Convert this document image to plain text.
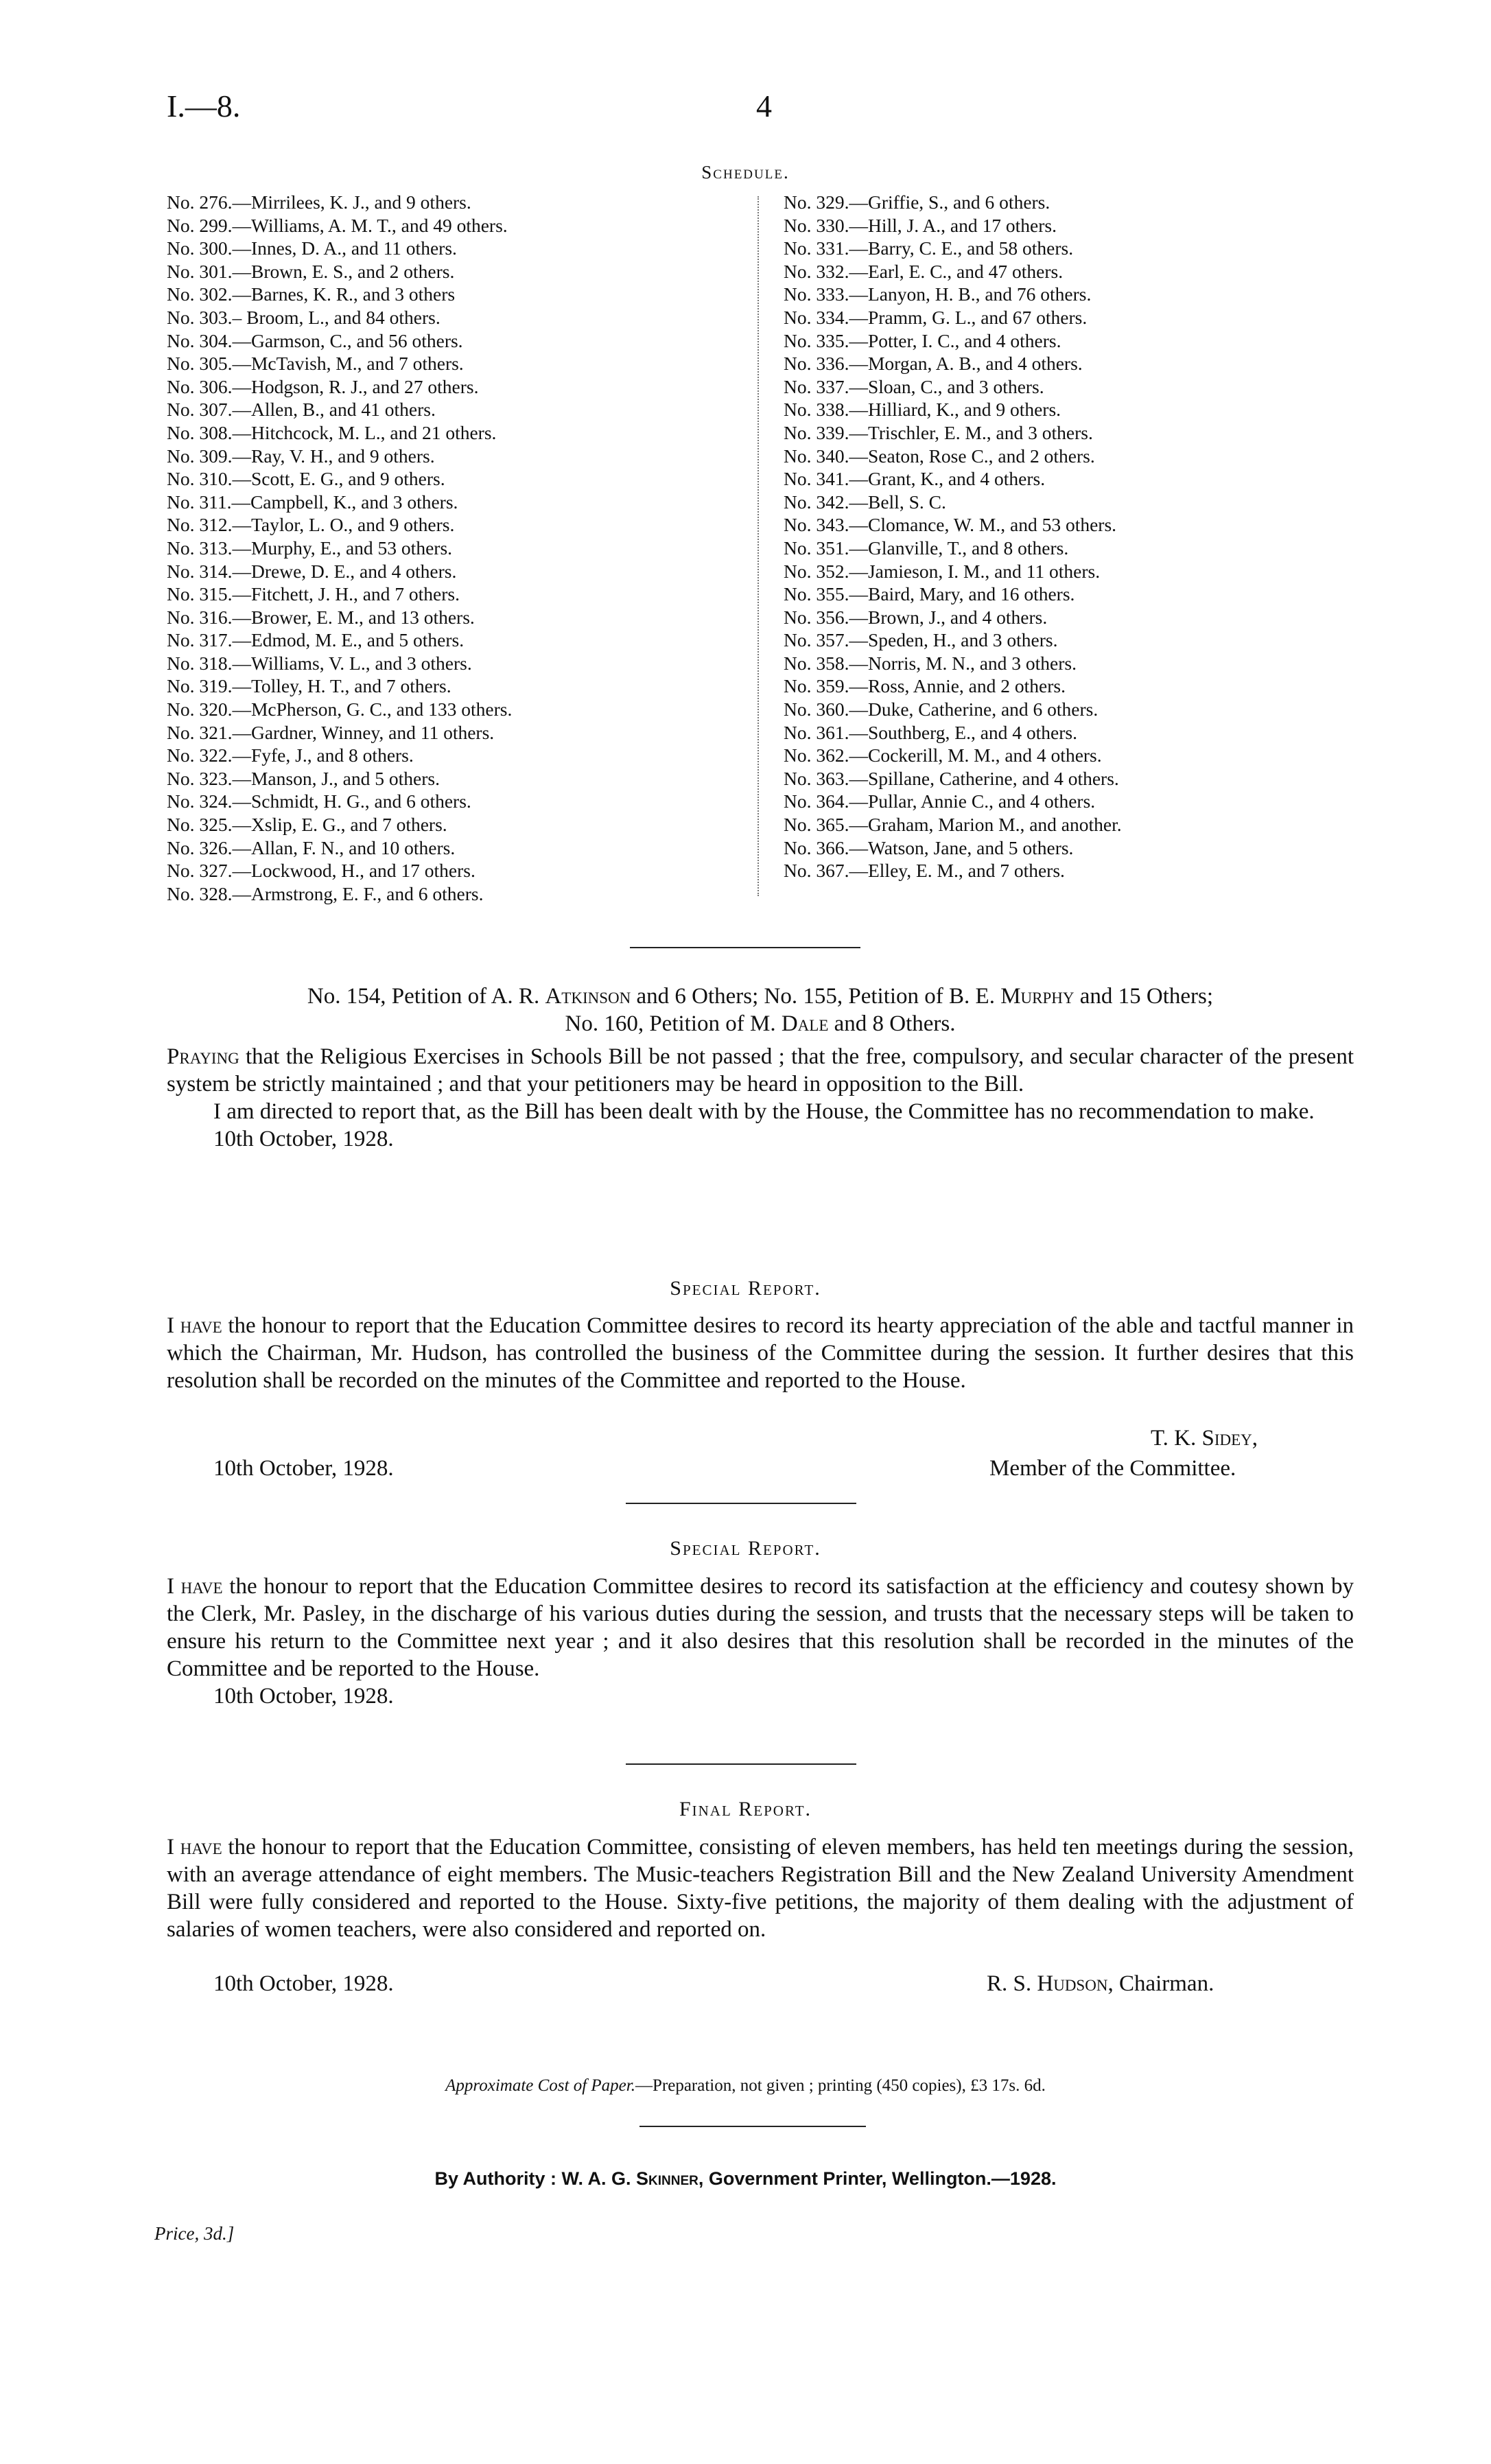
I.—8.	4
Schedule.
No. 276.—Mirrilees, K. J., and 9 others.
No. 299.—Williams, A. M. T., and 49 others.
No. 300.—Innes, D. A., and 11 others.
No. 301.—Brown, E. S., and 2 others.
No. 302.—Barnes, K. R., and 3 others
No. 303.– Broom, L., and 84 others.
No. 304.—Garmson, C., and 56 others.
No. 305.—McTavish, M., and 7 others.
No. 306.—Hodgson, R. J., and 27 others.
No. 307.—Allen, B., and 41 others.
No. 308.—Hitchcock, M. L., and 21 others.
No. 309.—Ray, V. H., and 9 others.
No. 310.—Scott, E. G., and 9 others.
No. 311.—Campbell, K., and 3 others.
No. 312.—Taylor, L. O., and 9 others.
No. 313.—Murphy, E., and 53 others.
No. 314.—Drewe, D. E., and 4 others.
No. 315.—Fitchett, J. H., and 7 others.
No. 316.—Brower, E. M., and 13 others.
No. 317.—Edmod, M. E., and 5 others.
No. 318.—Williams, V. L., and 3 others.
No. 319.—Tolley, H. T., and 7 others.
No. 320.—McPherson, G. C., and 133 others.
No. 321.—Gardner, Winney, and 11 others.
No. 322.—Fyfe, J., and 8 others.
No. 323.—Manson, J., and 5 others.
No. 324.—Schmidt, H. G., and 6 others.
No. 325.—Xslip, E. G., and 7 others.
No. 326.—Allan, F. N., and 10 others.
No. 327.—Lockwood, H., and 17 others.
No. 328.—Armstrong, E. F., and 6 others.
No. 329.—Griffie, S., and 6 others.
No. 330.—Hill, J. A., and 17 others.
No. 331.—Barry, C. E., and 58 others.
No. 332.—Earl, E. C., and 47 others.
No. 333.—Lanyon, H. B., and 76 others.
No. 334.—Pramm, G. L., and 67 others.
No. 335.—Potter, I. C., and 4 others.
No. 336.—Morgan, A. B., and 4 others.
No. 337.—Sloan, C., and 3 others.
No. 338.—Hilliard, K., and 9 others.
No. 339.—Trischler, E. M., and 3 others.
No. 340.—Seaton, Rose C., and 2 others.
No. 341.—Grant, K., and 4 others.
No. 342.—Bell, S. C.
No. 343.—Clomance, W. M., and 53 others.
No. 351.—Glanville, T., and 8 others.
No. 352.—Jamieson, I. M., and 11 others.
No. 355.—Baird, Mary, and 16 others.
No. 356.—Brown, J., and 4 others.
No. 357.—Speden, H., and 3 others.
No. 358.—Norris, M. N., and 3 others.
No. 359.—Ross, Annie, and 2 others.
No. 360.—Duke, Catherine, and 6 others.
No. 361.—Southberg, E., and 4 others.
No. 362.—Cockerill, M. M., and 4 others.
No. 363.—Spillane, Catherine, and 4 others.
No. 364.—Pullar, Annie C., and 4 others.
No. 365.—Graham, Marion M., and another.
No. 366.—Watson, Jane, and 5 others.
No. 367.—Elley, E. M., and 7 others.

No. 154, Petition of A. R. Atkinson and 6 Others; No. 155, Petition of B. E. Murphy and 15 Others;

No. 160, Petition of M. Dale and 8 Others.

Praying that the Religious Exercises in Schools Bill be not passed ; that the free, compulsory, and secular character of the present system be strictly maintained ; and that your petitioners may be heard in opposition to the Bill.

I am directed to report that, as the Bill has been dealt with by the House, the Committee has no recommendation to make.

10th October, 1928.

Special Report.

I have the honour to report that the Education Committee desires to record its hearty appreciation of the able and tactful manner in which the Chairman, Mr. Hudson, has controlled the business of the Committee during the session. It further desires that this resolution shall be recorded on the minutes of the Committee and reported to the House.

T. K. Sidey,
10th October, 1928.	Member of the Committee.
Special Report.

I have the honour to report that the Education Committee desires to record its satisfaction at the efficiency and coutesy shown by the Clerk, Mr. Pasley, in the discharge of his various duties during the session, and trusts that the necessary steps will be taken to ensure his return to the Committee next year ; and it also desires that this resolution shall be recorded in the minutes of the Committee and be reported to the House.

10th October, 1928.

Final Report.

I have the honour to report that the Education Committee, consisting of eleven members, has held ten meetings during the session, with an average attendance of eight members. The Music-teachers Registration Bill and the New Zealand University Amendment Bill were fully considered and reported to the House. Sixty-five petitions, the majority of them dealing with the adjustment of salaries of women teachers, were also considered and reported on.

10th October, 1928.	R. S. Hudson, Chairman.
Approximate Cost of Paper.—Preparation, not given ; printing (450 copies), £3 17s. 6d.
By Authority : W. A. G. Skinner, Government Printer, Wellington.—1928.
Price, 3d.]
